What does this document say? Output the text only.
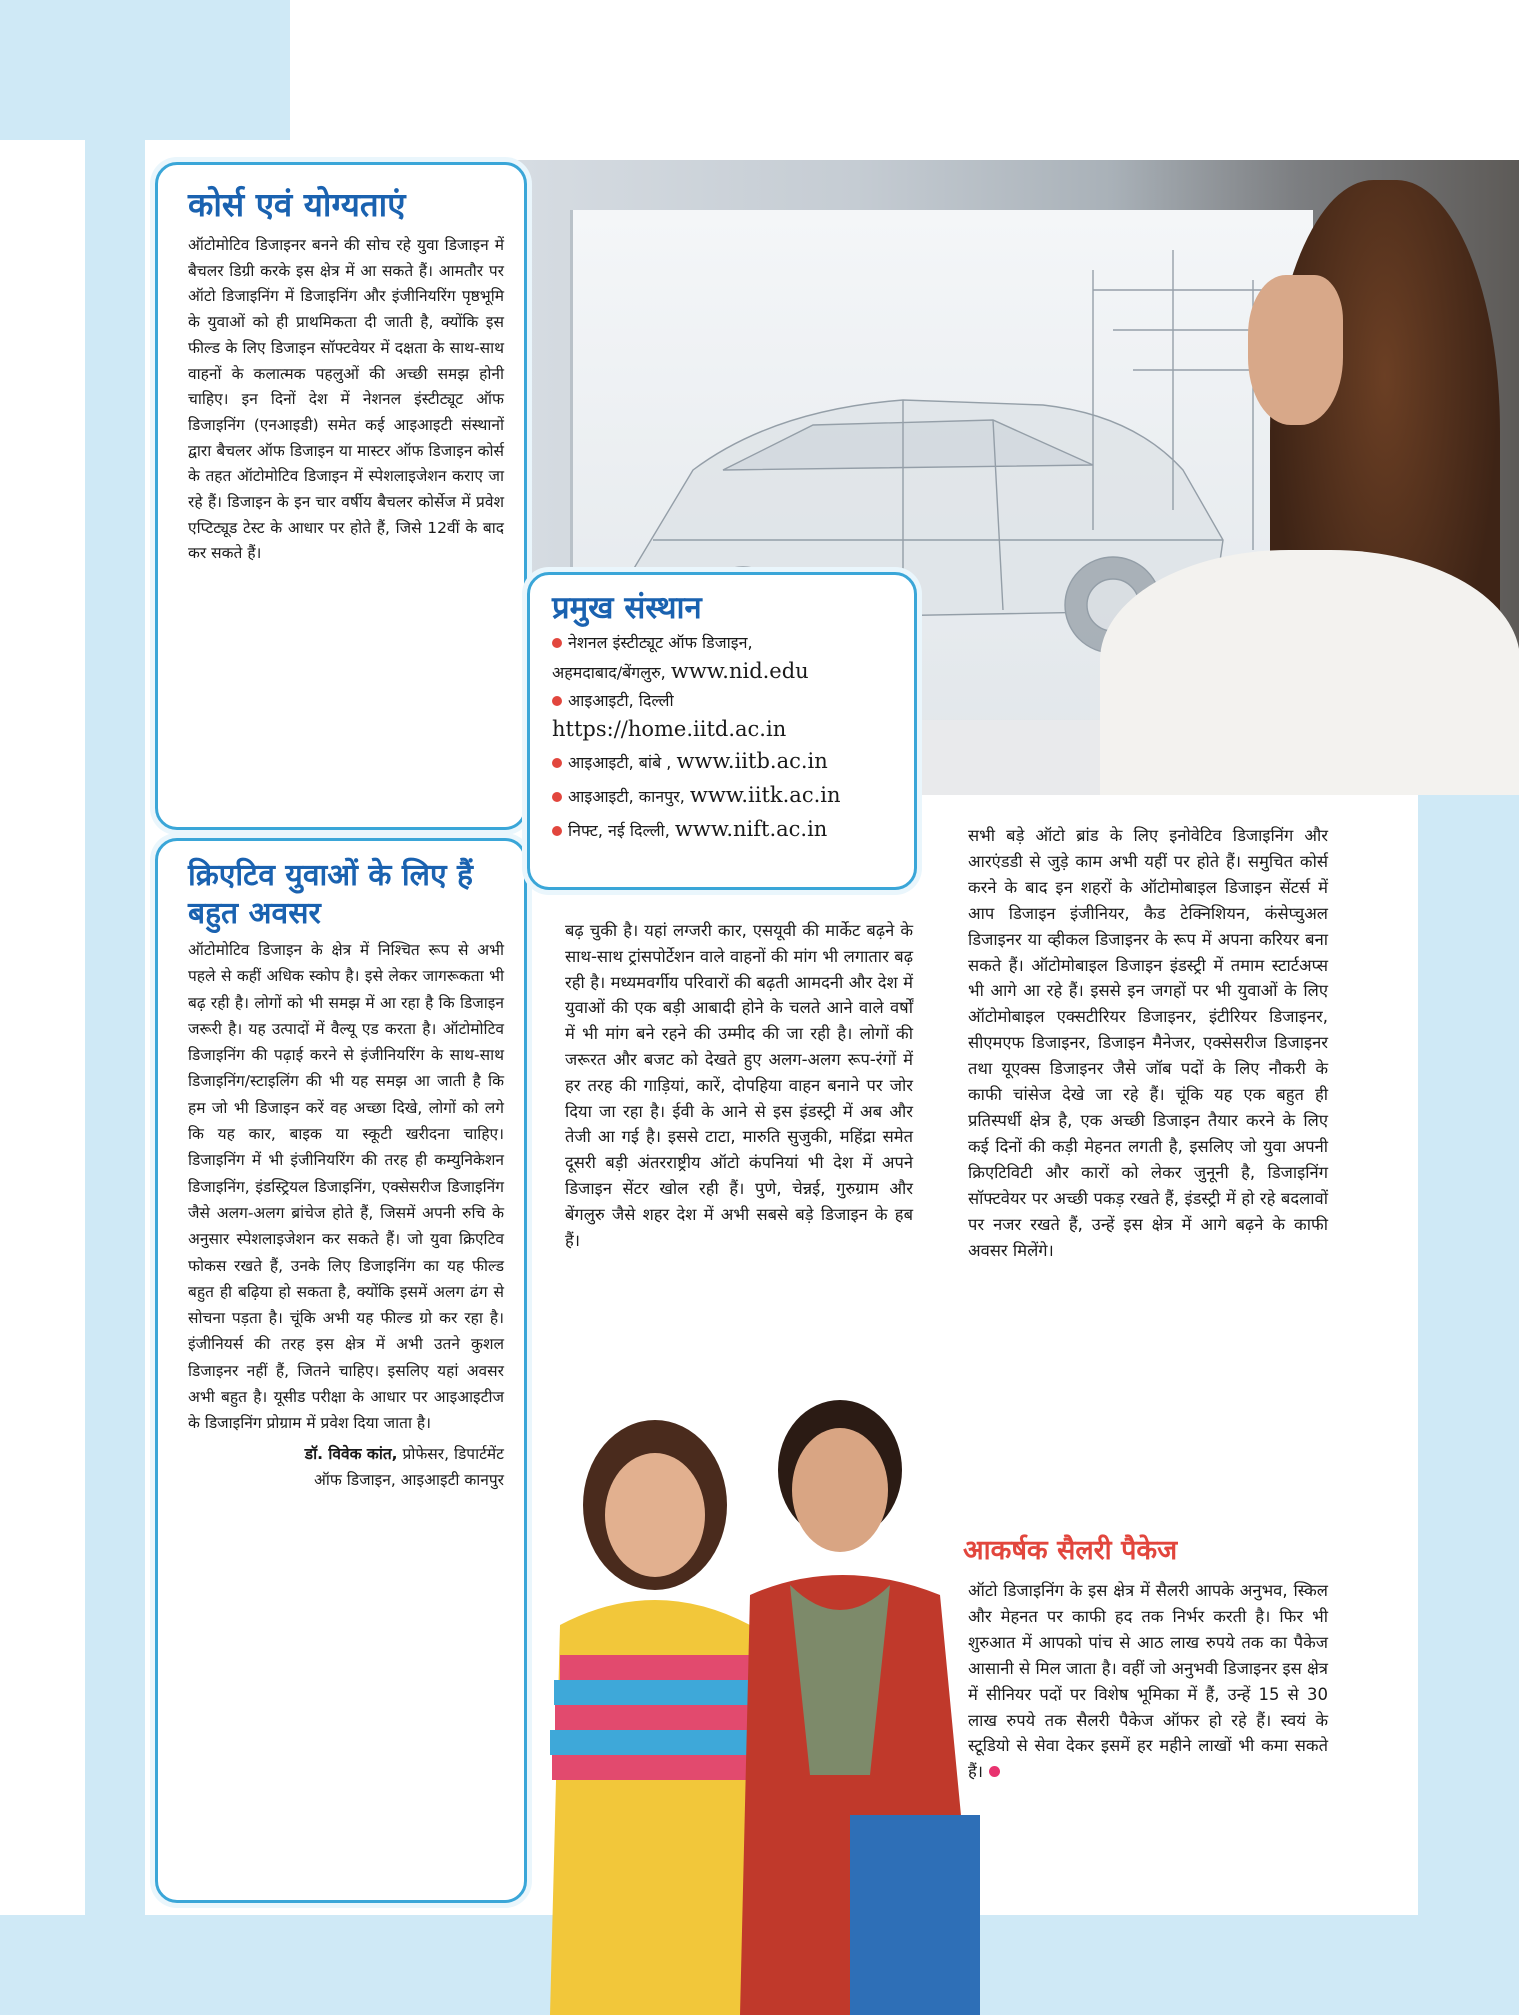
कोर्स एवं योग्यताएं

ऑटोमोटिव डिजाइनर बनने की सोच रहे युवा डिजाइन में बैचलर डिग्री करके इस क्षेत्र में आ सकते हैं। आमतौर पर ऑटो डिजाइनिंग में डिजाइनिंग और इंजीनियरिंग पृष्ठभूमि के युवाओं को ही प्राथमिकता दी जाती है, क्योंकि इस फील्ड के लिए डिजाइन सॉफ्टवेयर में दक्षता के साथ-साथ वाहनों के कलात्मक पहलुओं की अच्छी समझ होनी चाहिए। इन दिनों देश में नेशनल इंस्टीट्यूट ऑफ डिजाइनिंग (एनआइडी) समेत कई आइआइटी संस्थानों द्वारा बैचलर ऑफ डिजाइन या मास्टर ऑफ डिजाइन कोर्स के तहत ऑटोमोटिव डिजाइन में स्पेशलाइजेशन कराए जा रहे हैं। डिजाइन के इन चार वर्षीय बैचलर कोर्सेज में प्रवेश एप्टिट्यूड टेस्ट के आधार पर होते हैं, जिसे 12वीं के बाद कर सकते हैं।

क्रिएटिव युवाओं के लिए हैं बहुत अवसर

ऑटोमोटिव डिजाइन के क्षेत्र में निश्चित रूप से अभी पहले से कहीं अधिक स्कोप है। इसे लेकर जागरूकता भी बढ़ रही है। लोगों को भी समझ में आ रहा है कि डिजाइन जरूरी है। यह उत्पादों में वैल्यू एड करता है। ऑटोमोटिव डिजाइनिंग की पढ़ाई करने से इंजीनियरिंग के साथ-साथ डिजाइनिंग/स्टाइलिंग की भी यह समझ आ जाती है कि हम जो भी डिजाइन करें वह अच्छा दिखे, लोगों को लगे कि यह कार, बाइक या स्कूटी खरीदना चाहिए। डिजाइनिंग में भी इंजीनियरिंग की तरह ही कम्युनिकेशन डिजाइनिंग, इंडस्ट्रियल डिजाइनिंग, एक्सेसरीज डिजाइनिंग जैसे अलग-अलग ब्रांचेज होते हैं, जिसमें अपनी रुचि के अनुसार स्पेशलाइजेशन कर सकते हैं। जो युवा क्रिएटिव फोकस रखते हैं, उनके लिए डिजाइनिंग का यह फील्ड बहुत ही बढ़िया हो सकता है, क्योंकि इसमें अलग ढंग से सोचना पड़ता है। चूंकि अभी यह फील्ड ग्रो कर रहा है। इंजीनियर्स की तरह इस क्षेत्र में अभी उतने कुशल डिजाइनर नहीं हैं, जितने चाहिए। इसलिए यहां अवसर अभी बहुत है। यूसीड परीक्षा के आधार पर आइआइटीज के डिजाइनिंग प्रोग्राम में प्रवेश दिया जाता है।

डॉ. विवेक कांत, प्रोफेसर, डिपार्टमेंट
ऑफ डिजाइन, आइआइटी कानपुर
प्रमुख संस्थान
नेशनल इंस्टीट्यूट ऑफ डिजाइन,
अहमदाबाद/बेंगलुरु, www.nid.edu
आइआइटी, दिल्ली
https://home.iitd.ac.in
आइआइटी, बांबे , www.iitb.ac.in
आइआइटी, कानपुर, www.iitk.ac.in
निफ्ट, नई दिल्ली, www.nift.ac.in
बढ़ चुकी है। यहां लग्जरी कार, एसयूवी की मार्केट बढ़ने के साथ-साथ ट्रांसपोर्टेशन वाले वाहनों की मांग भी लगातार बढ़ रही है। मध्यमवर्गीय परिवारों की बढ़ती आमदनी और देश में युवाओं की एक बड़ी आबादी होने के चलते आने वाले वर्षों में भी मांग बने रहने की उम्मीद की जा रही है। लोगों की जरूरत और बजट को देखते हुए अलग-अलग रूप-रंगों में हर तरह की गाड़ियां, कारें, दोपहिया वाहन बनाने पर जोर दिया जा रहा है। ईवी के आने से इस इंडस्ट्री में अब और तेजी आ गई है। इससे टाटा, मारुति सुजुकी, महिंद्रा समेत दूसरी बड़ी अंतरराष्ट्रीय ऑटो कंपनियां भी देश में अपने डिजाइन सेंटर खोल रही हैं। पुणे, चेन्नई, गुरुग्राम और बेंगलुरु जैसे शहर देश में अभी सबसे बड़े डिजाइन के हब हैं।
सभी बड़े ऑटो ब्रांड के लिए इनोवेटिव डिजाइनिंग और आरएंडडी से जुड़े काम अभी यहीं पर होते हैं। समुचित कोर्स करने के बाद इन शहरों के ऑटोमोबाइल डिजाइन सेंटर्स में आप डिजाइन इंजीनियर, कैड टेक्निशियन, कंसेप्चुअल डिजाइनर या व्हीकल डिजाइनर के रूप में अपना करियर बना सकते हैं। ऑटोमोबाइल डिजाइन इंडस्ट्री में तमाम स्टार्टअप्स भी आगे आ रहे हैं। इससे इन जगहों पर भी युवाओं के लिए ऑटोमोबाइल एक्सटीरियर डिजाइनर, इंटीरियर डिजाइनर, सीएमएफ डिजाइनर, डिजाइन मैनेजर, एक्सेसरीज डिजाइनर तथा यूएक्स डिजाइनर जैसे जॉब पदों के लिए नौकरी के काफी चांसेज देखे जा रहे हैं। चूंकि यह एक बहुत ही प्रतिस्पर्धी क्षेत्र है, एक अच्छी डिजाइन तैयार करने के लिए कई दिनों की कड़ी मेहनत लगती है, इसलिए जो युवा अपनी क्रिएटिविटी और कारों को लेकर जुनूनी है, डिजाइनिंग सॉफ्टवेयर पर अच्छी पकड़ रखते हैं, इंडस्ट्री में हो रहे बदलावों पर नजर रखते हैं, उन्हें इस क्षेत्र में आगे बढ़ने के काफी अवसर मिलेंगे।
आकर्षक सैलरी पैकेज
ऑटो डिजाइनिंग के इस क्षेत्र में सैलरी आपके अनुभव, स्किल और मेहनत पर काफी हद तक निर्भर करती है। फिर भी शुरुआत में आपको पांच से आठ लाख रुपये तक का पैकेज आसानी से मिल जाता है। वहीं जो अनुभवी डिजाइनर इस क्षेत्र में सीनियर पदों पर विशेष भूमिका में हैं, उन्हें 15 से 30 लाख रुपये तक सैलरी पैकेज ऑफर हो रहे हैं। स्वयं के स्टूडियो से सेवा देकर इसमें हर महीने लाखों भी कमा सकते हैं।
